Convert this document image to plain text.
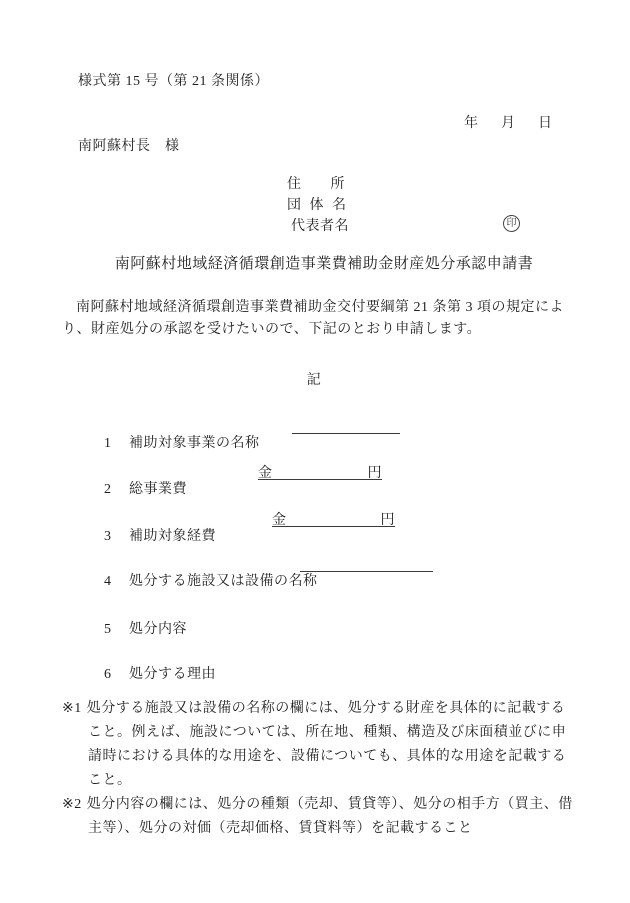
様式第 15 号（第 21 条関係）
年 月 日
南阿蘇村長　様
住　　所
団 体 名
代表者名	印
南阿蘇村地域経済循環創造事業費補助金財産処分承認申請書
南阿蘇村地域経済循環創造事業費補助金交付要綱第 21 条第 3 項の規定により、財産処分の承認を受けたいので、下記のとおり申請します。
記

1 補助対象事業の名称

2 総事業費

金	円

3 補助対象経費

金	円

4 処分する施設又は設備の名称

5 処分内容

6 処分する理由

※1 処分する施設又は設備の名称の欄には、処分する財産を具体的に記載すること。例えば、施設については、所在地、種類、構造及び床面積並びに申請時における具体的な用途を、設備についても、具体的な用途を記載すること。

※2 処分内容の欄には、処分の種類（売却、賃貸等）、処分の相手方（買主、借主等）、処分の対価（売却価格、賃貸料等）を記載すること
